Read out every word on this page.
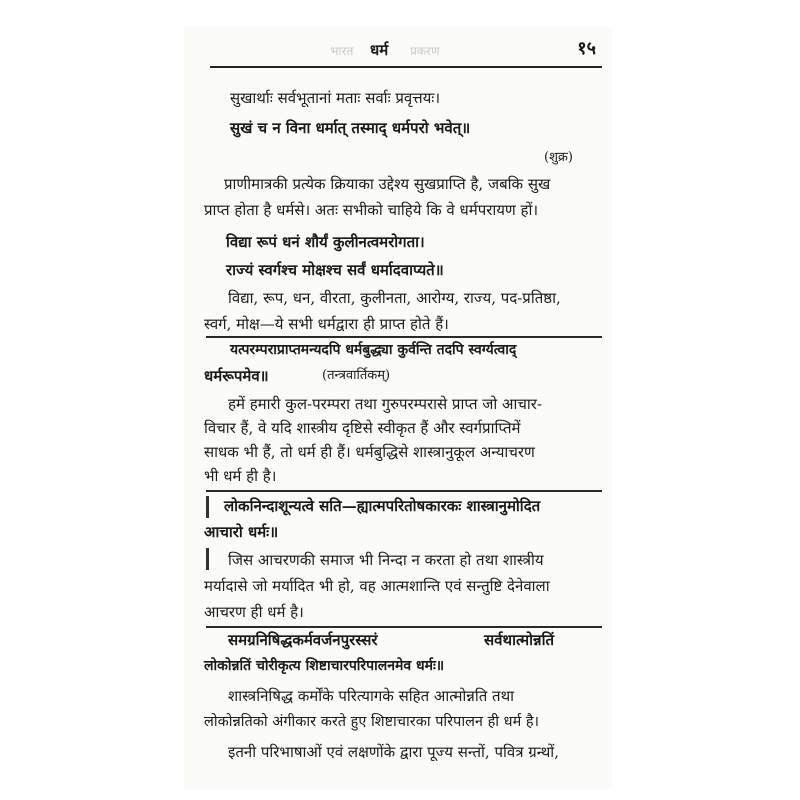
भारत धर्म प्रकरण	१५
सुखार्थाः सर्वभूतानां मताः सर्वाः प्रवृत्तयः।
सुखं च न विना धर्मात् तस्माद् धर्मपरो भवेत्॥
(शुक्र)
प्राणीमात्रकी प्रत्येक क्रियाका उद्देश्य सुखप्राप्ति है, जबकि सुख
प्राप्त होता है धर्मसे। अतः सभीको चाहिये कि वे धर्मपरायण हों।
विद्या रूपं धनं शौर्यं कुलीनत्वमरोगता।
राज्यं स्वर्गश्च मोक्षश्च सर्वं धर्मादवाप्यते॥
विद्या, रूप, धन, वीरता, कुलीनता, आरोग्य, राज्य, पद-प्रतिष्ठा,
स्वर्ग, मोक्ष—ये सभी धर्मद्वारा ही प्राप्त होते हैं।
यत्परम्पराप्राप्तमन्यदपि धर्मबुद्ध्या कुर्वन्ति तदपि स्वर्ग्यत्वाद्
धर्मरूपमेव॥	(तन्त्रवार्तिकम्)
हमें हमारी कुल-परम्परा तथा गुरुपरम्परासे प्राप्त जो आचार-
विचार हैं, वे यदि शास्त्रीय दृष्टिसे स्वीकृत हैं और स्वर्गप्राप्तिमें
साधक भी हैं, तो धर्म ही हैं। धर्मबुद्धिसे शास्त्रानुकूल अन्याचरण
भी धर्म ही है।
लोकनिन्दाशून्यत्वे सति—ह्यात्मपरितोषकारकः शास्त्रानुमोदित
आचारो धर्मः॥
जिस आचरणकी समाज भी निन्दा न करता हो तथा शास्त्रीय
मर्यादासे जो मर्यादित भी हो, वह आत्मशान्ति एवं सन्तुष्टि देनेवाला
आचरण ही धर्म है।
समग्रनिषिद्धकर्मवर्जनपुरस्सरं	सर्वथात्मोन्नतिं
लोकोन्नतिं चोरीकृत्य शिष्टाचारपरिपालनमेव धर्मः॥
शास्त्रनिषिद्ध कर्मोंके परित्यागके सहित आत्मोन्नति तथा
लोकोन्नतिको अंगीकार करते हुए शिष्टाचारका परिपालन ही धर्म है।
इतनी परिभाषाओं एवं लक्षणोंके द्वारा पूज्य सन्तों, पवित्र ग्रन्थों,
